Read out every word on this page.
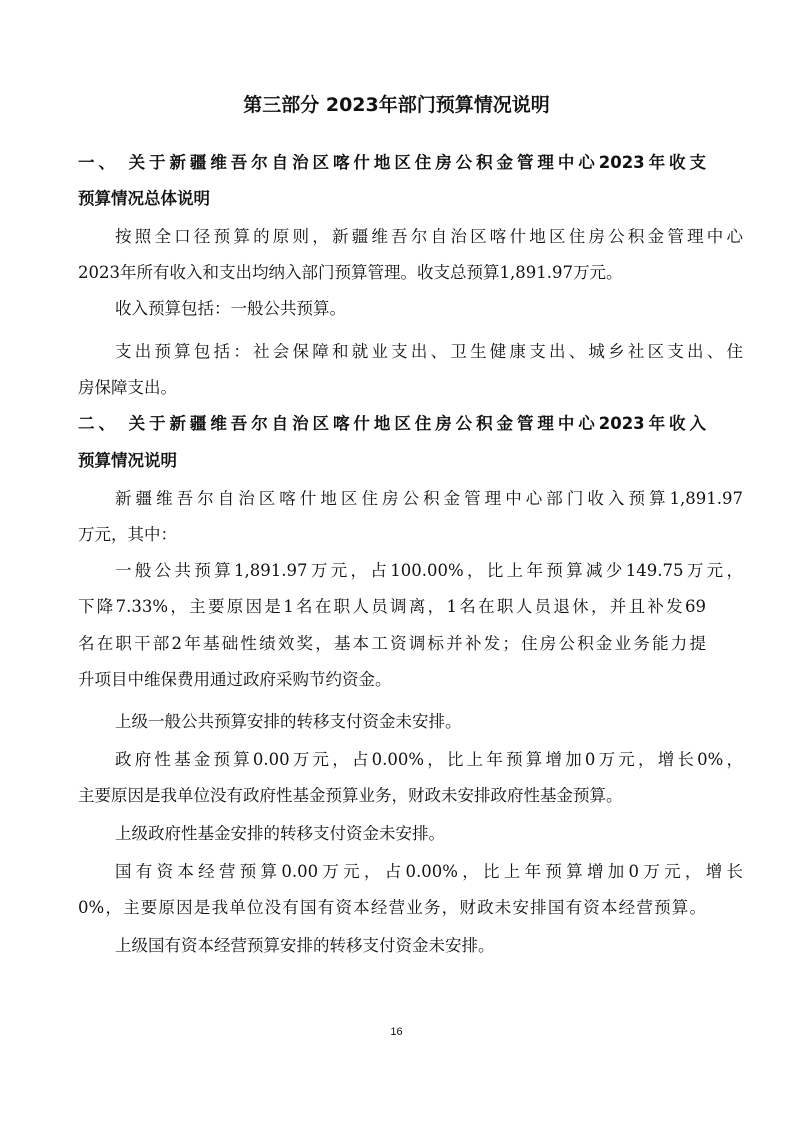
第三部分 2023年部门预算情况说明
一、 关于新疆维吾尔自治区喀什地区住房公积金管理中心2023年收支
预算情况总体说明
按照全口径预算的原则，新疆维吾尔自治区喀什地区住房公积金管理中心
2023年所有收入和支出均纳入部门预算管理。收支总预算1,891.97万元。
收入预算包括：一般公共预算。
支出预算包括：社会保障和就业支出、卫生健康支出、城乡社区支出、住
房保障支出。
二、 关于新疆维吾尔自治区喀什地区住房公积金管理中心2023年收入
预算情况说明
新疆维吾尔自治区喀什地区住房公积金管理中心部门收入预算1,891.97
万元，其中：
一般公共预算1,891.97万元，占100.00%，比上年预算减少149.75万元，
下降7.33%，主要原因是1名在职人员调离，1名在职人员退休，并且补发69
名在职干部2年基础性绩效奖，基本工资调标并补发；住房公积金业务能力提
升项目中维保费用通过政府采购节约资金。
上级一般公共预算安排的转移支付资金未安排。
政府性基金预算0.00万元，占0.00%，比上年预算增加0万元，增长0%，
主要原因是我单位没有政府性基金预算业务，财政未安排政府性基金预算。
上级政府性基金安排的转移支付资金未安排。
国有资本经营预算0.00万元，占0.00%，比上年预算增加0万元，增长
0%，主要原因是我单位没有国有资本经营业务，财政未安排国有资本经营预算。
上级国有资本经营预算安排的转移支付资金未安排。
16
